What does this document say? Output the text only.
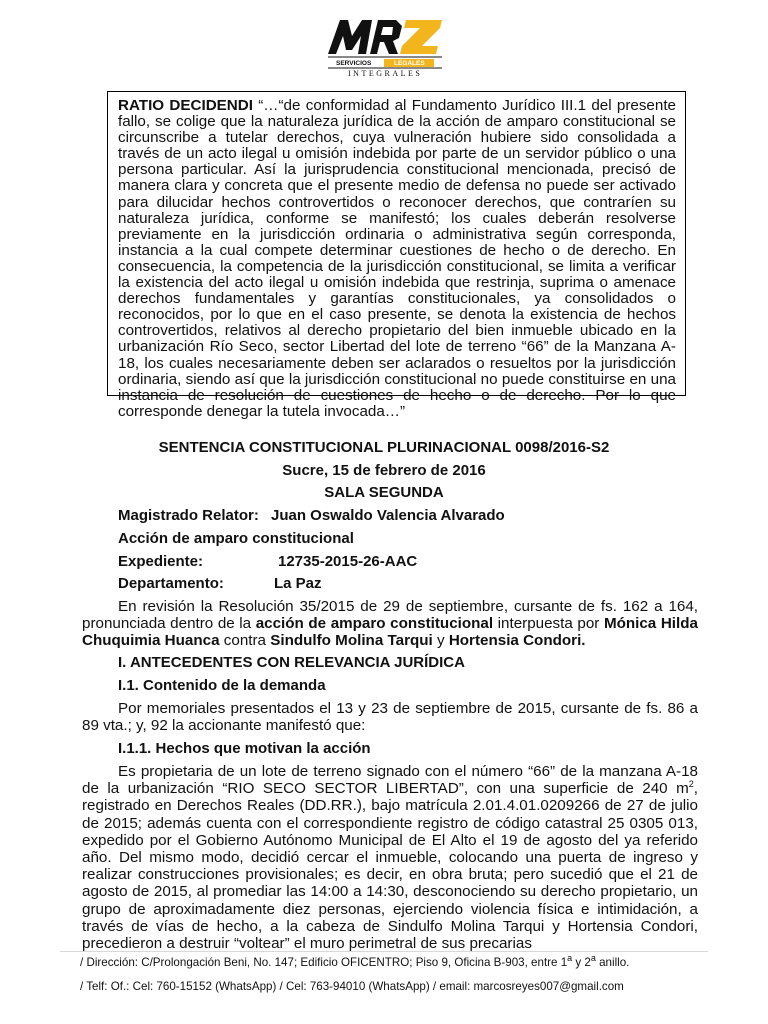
SERVICIOS	LEGALES
INTEGRALES
RATIO DECIDENDI “…“de conformidad al Fundamento Jurídico III.1 del presente fallo, se colige que la naturaleza jurídica de la acción de amparo constitucional se circunscribe a tutelar derechos, cuya vulneración hubiere sido consolidada a través de un acto ilegal u omisión indebida por parte de un servidor público o una persona particular. Así la jurisprudencia constitucional mencionada, precisó de manera clara y concreta que el presente medio de defensa no puede ser activado para dilucidar hechos controvertidos o reconocer derechos, que contraríen su naturaleza jurídica, conforme se manifestó; los cuales deberán resolverse previamente en la jurisdicción ordinaria o administrativa según corresponda, instancia a la cual compete determinar cuestiones de hecho o de derecho. En consecuencia, la competencia de la jurisdicción constitucional, se limita a verificar la existencia del acto ilegal u omisión indebida que restrinja, suprima o amenace derechos fundamentales y garantías constitucionales, ya consolidados o reconocidos, por lo que en el caso presente, se denota la existencia de hechos controvertidos, relativos al derecho propietario del bien inmueble ubicado en la urbanización Río Seco, sector Libertad del lote de terreno “66” de la Manzana A-18, los cuales necesariamente deben ser aclarados o resueltos por la jurisdicción ordinaria, siendo así que la jurisdicción constitucional no puede constituirse en una instancia de resolución de cuestiones de hecho o de derecho. Por lo que corresponde denegar la tutela invocada…”
SENTENCIA CONSTITUCIONAL PLURINACIONAL 0098/2016-S2
Sucre, 15 de febrero de 2016
SALA SEGUNDA
Magistrado Relator: Juan Oswaldo Valencia Alvarado
Acción de amparo constitucional
Expediente:	12735-2015-26-AAC
Departamento:	La Paz
En revisión la Resolución 35/2015 de 29 de septiembre, cursante de fs. 162 a 164, pronunciada dentro de la acción de amparo constitucional interpuesta por Mónica Hilda Chuquimia Huanca contra Sindulfo Molina Tarqui y Hortensia Condori.
I. ANTECEDENTES CON RELEVANCIA JURÍDICA
I.1. Contenido de la demanda
Por memoriales presentados el 13 y 23 de septiembre de 2015, cursante de fs. 86 a 89 vta.; y, 92 la accionante manifestó que:
I.1.1. Hechos que motivan la acción
Es propietaria de un lote de terreno signado con el número “66” de la manzana A-18 de la urbanización “RIO SECO SECTOR LIBERTAD”, con una superficie de 240 $m^2$, registrado en Derechos Reales (DD.RR.), bajo matrícula 2.01.4.01.0209266 de 27 de julio de 2015; además cuenta con el correspondiente registro de código catastral 25 0305 013, expedido por el Gobierno Autónomo Municipal de El Alto el 19 de agosto del ya referido año. Del mismo modo, decidió cercar el inmueble, colocando una puerta de ingreso y realizar construcciones provisionales; es decir, en obra bruta; pero sucedió que el 21 de agosto de 2015, al promediar las 14:00 a 14:30, desconociendo su derecho propietario, un grupo de aproximadamente diez personas, ejerciendo violencia física e intimidación, a través de vías de hecho, a la cabeza de Sindulfo Molina Tarqui y Hortensia Condori, precedieron a destruir “voltear” el muro perimetral de sus precarias
/ Dirección: C/Prolongación Beni, No. 147; Edificio OFICENTRO; Piso 9, Oficina B-903, entre 1$^a$ y 2$^a$ anillo.
/ Telf: Of.: Cel: 760-15152 (WhatsApp) / Cel: 763-94010 (WhatsApp) / email: marcosreyes007@gmail.com
